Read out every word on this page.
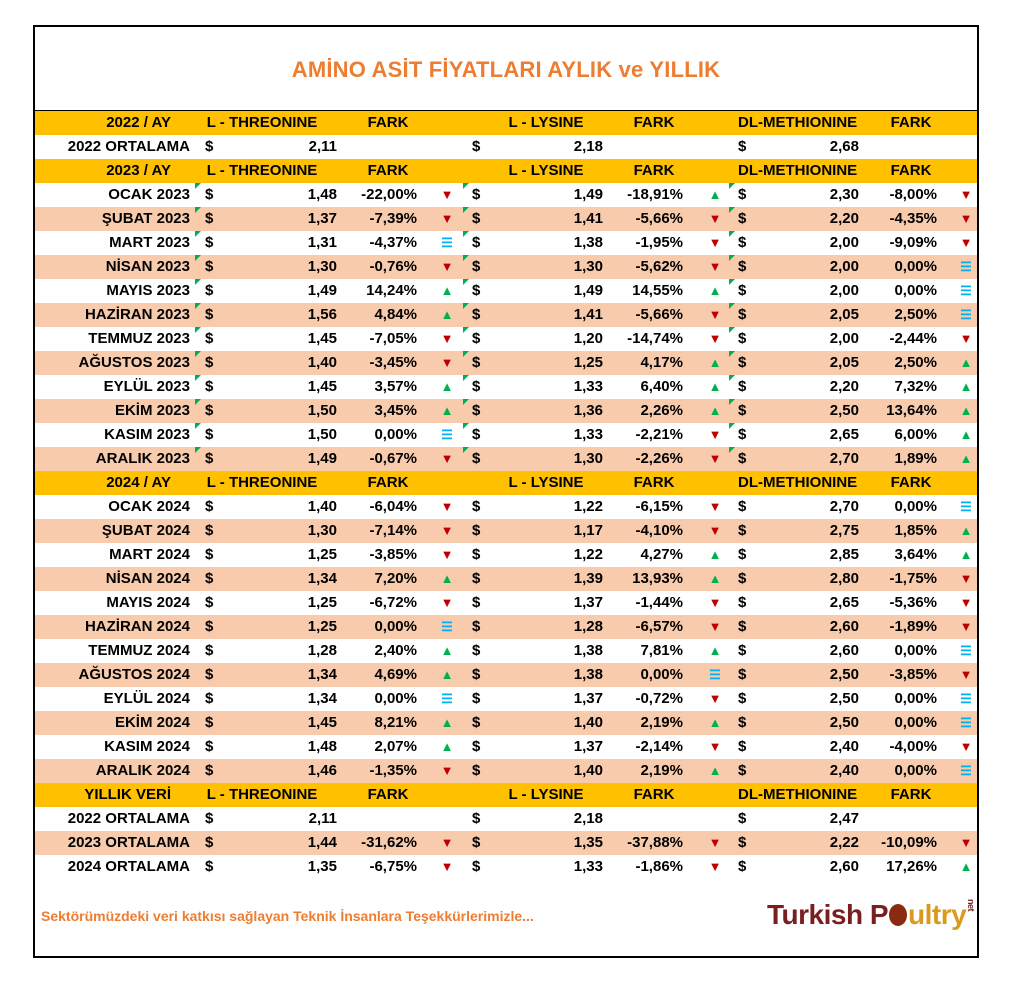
AMİNO ASİT FİYATLARI AYLIK ve YILLIK
2022 / AY	L - THREONINE	FARK	L - LYSINE	FARK	DL-METHIONINE FARK
2022 ORTALAMA $	2,11	$	2,18	$	2,68
2023 / AY	L - THREONINE	FARK	L - LYSINE	FARK	DL-METHIONINE FARK
OCAK 2023 $	1,48 -22,00% ▼ $	1,49 -18,91% ▲ $	2,30 -8,00% ▼
ŞUBAT 2023 $	1,37 -7,39% ▼ $	1,41 -5,66% ▼ $	2,20 -4,35% ▼
MART 2023 $	1,31 -4,37% ☰ $	1,38 -1,95% ▼ $	2,00 -9,09% ▼
NİSAN 2023 $	1,30 -0,76% ▼ $	1,30 -5,62% ▼ $	2,00 0,00% ☰
MAYIS 2023 $	1,49 14,24% ▲ $	1,49 14,55% ▲ $	2,00 0,00% ☰
HAZİRAN 2023 $	1,56 4,84% ▲ $	1,41 -5,66% ▼ $	2,05 2,50% ☰
TEMMUZ 2023 $	1,45 -7,05% ▼ $	1,20 -14,74% ▼ $	2,00 -2,44% ▼
AĞUSTOS 2023 $	1,40 -3,45% ▼ $	1,25 4,17% ▲ $	2,05 2,50% ▲
EYLÜL 2023 $	1,45 3,57% ▲ $	1,33 6,40% ▲ $	2,20 7,32% ▲
EKİM 2023 $	1,50 3,45% ▲ $	1,36 2,26% ▲ $	2,50 13,64% ▲
KASIM 2023 $	1,50 0,00% ☰ $	1,33 -2,21% ▼ $	2,65 6,00% ▲
ARALIK 2023 $	1,49 -0,67% ▼ $	1,30 -2,26% ▼ $	2,70 1,89% ▲
2024 / AY	L - THREONINE	FARK	L - LYSINE	FARK	DL-METHIONINE FARK
OCAK 2024 $	1,40 -6,04% ▼ $	1,22 -6,15% ▼ $	2,70 0,00% ☰
ŞUBAT 2024 $	1,30 -7,14% ▼ $	1,17 -4,10% ▼ $	2,75 1,85% ▲
MART 2024 $	1,25 -3,85% ▼ $	1,22 4,27% ▲ $	2,85 3,64% ▲
NİSAN 2024 $	1,34 7,20% ▲ $	1,39 13,93% ▲ $	2,80 -1,75% ▼
MAYIS 2024 $	1,25 -6,72% ▼ $	1,37 -1,44% ▼ $	2,65 -5,36% ▼
HAZİRAN 2024 $	1,25 0,00% ☰ $	1,28 -6,57% ▼ $	2,60 -1,89% ▼
TEMMUZ 2024 $	1,28 2,40% ▲ $	1,38 7,81% ▲ $	2,60 0,00% ☰
AĞUSTOS 2024 $	1,34 4,69% ▲ $	1,38 0,00% ☰ $	2,50 -3,85% ▼
EYLÜL 2024 $	1,34 0,00% ☰ $	1,37 -0,72% ▼ $	2,50 0,00% ☰
EKİM 2024 $	1,45 8,21% ▲ $	1,40 2,19% ▲ $	2,50 0,00% ☰
KASIM 2024 $	1,48 2,07% ▲ $	1,37 -2,14% ▼ $	2,40 -4,00% ▼
ARALIK 2024 $	1,46 -1,35% ▼ $	1,40 2,19% ▲ $	2,40 0,00% ☰
YILLIK VERİ	L - THREONINE	FARK	L - LYSINE	FARK	DL-METHIONINE FARK
2022 ORTALAMA $	2,11	$	2,18	$	2,47
2023 ORTALAMA $	1,44 -31,62% ▼ $	1,35 -37,88% ▼ $	2,22 -10,09% ▼
2024 ORTALAMA $	1,35 -6,75% ▼ $	1,33 -1,86% ▼ $	2,60 17,26% ▲
Sektörümüzdeki veri katkısı sağlayan Teknik İnsanlara Teşekkürlerimizle...	Turkish P ultrynet
